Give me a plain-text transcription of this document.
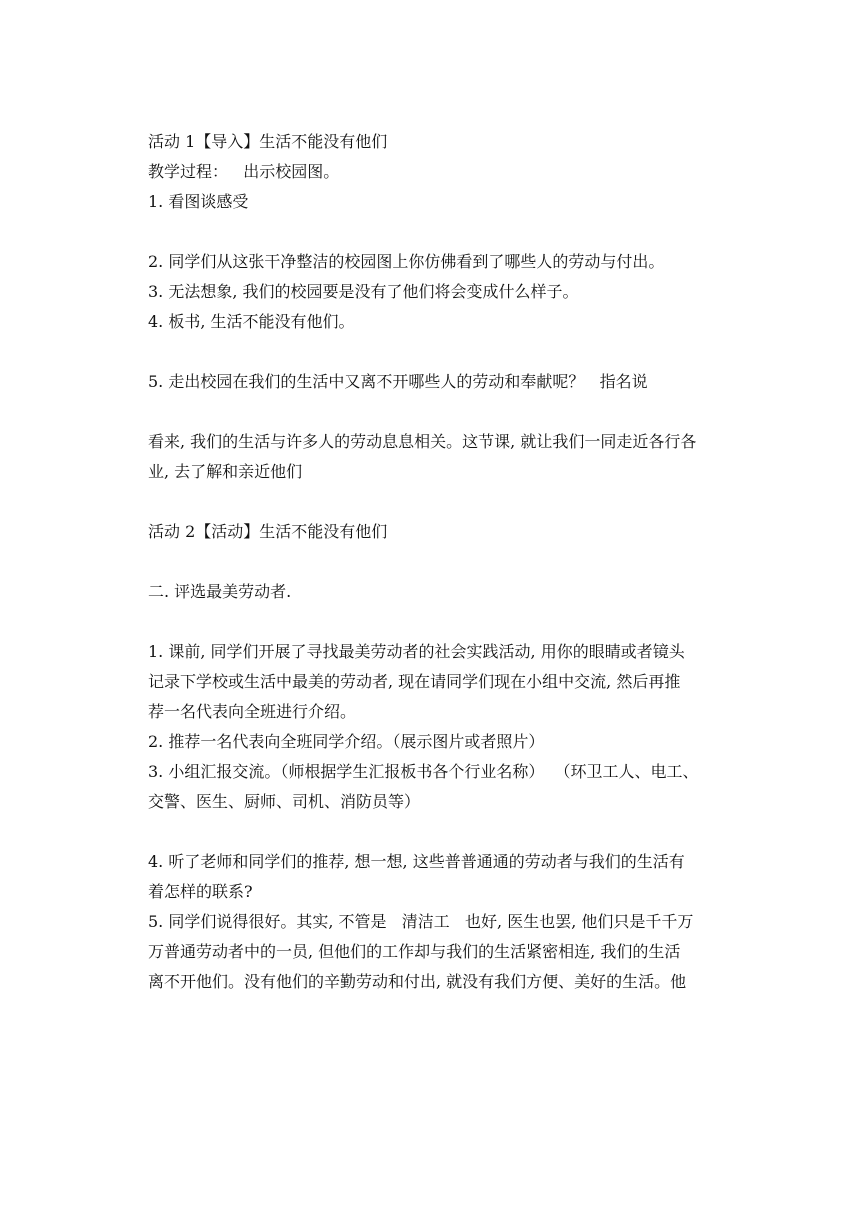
活动 1【导入】生活不能没有他们
教学过程：   出示校园图。
1. 看图谈感受
2. 同学们从这张干净整洁的校园图上你仿佛看到了哪些人的劳动与付出。
3. 无法想象, 我们的校园要是没有了他们将会变成什么样子。
4. 板书, 生活不能没有他们。
5. 走出校园在我们的生活中又离不开哪些人的劳动和奉献呢？   指名说
看来, 我们的生活与许多人的劳动息息相关。这节课, 就让我们一同走近各行各
业, 去了解和亲近他们
活动 2【活动】生活不能没有他们
二. 评选最美劳动者.
1. 课前, 同学们开展了寻找最美劳动者的社会实践活动, 用你的眼睛或者镜头
记录下学校或生活中最美的劳动者, 现在请同学们现在小组中交流, 然后再推
荐一名代表向全班进行介绍。
2. 推荐一名代表向全班同学介绍。（展示图片或者照片）
3. 小组汇报交流。（师根据学生汇报板书各个行业名称）  （环卫工人、电工、
交警、医生、厨师、司机、消防员等）
4. 听了老师和同学们的推荐, 想一想, 这些普普通通的劳动者与我们的生活有
着怎样的联系?
5. 同学们说得很好。其实, 不管是   清洁工   也好, 医生也罢, 他们只是千千万
万普通劳动者中的一员, 但他们的工作却与我们的生活紧密相连, 我们的生活
离不开他们。没有他们的辛勤劳动和付出, 就没有我们方便、美好的生活。他
